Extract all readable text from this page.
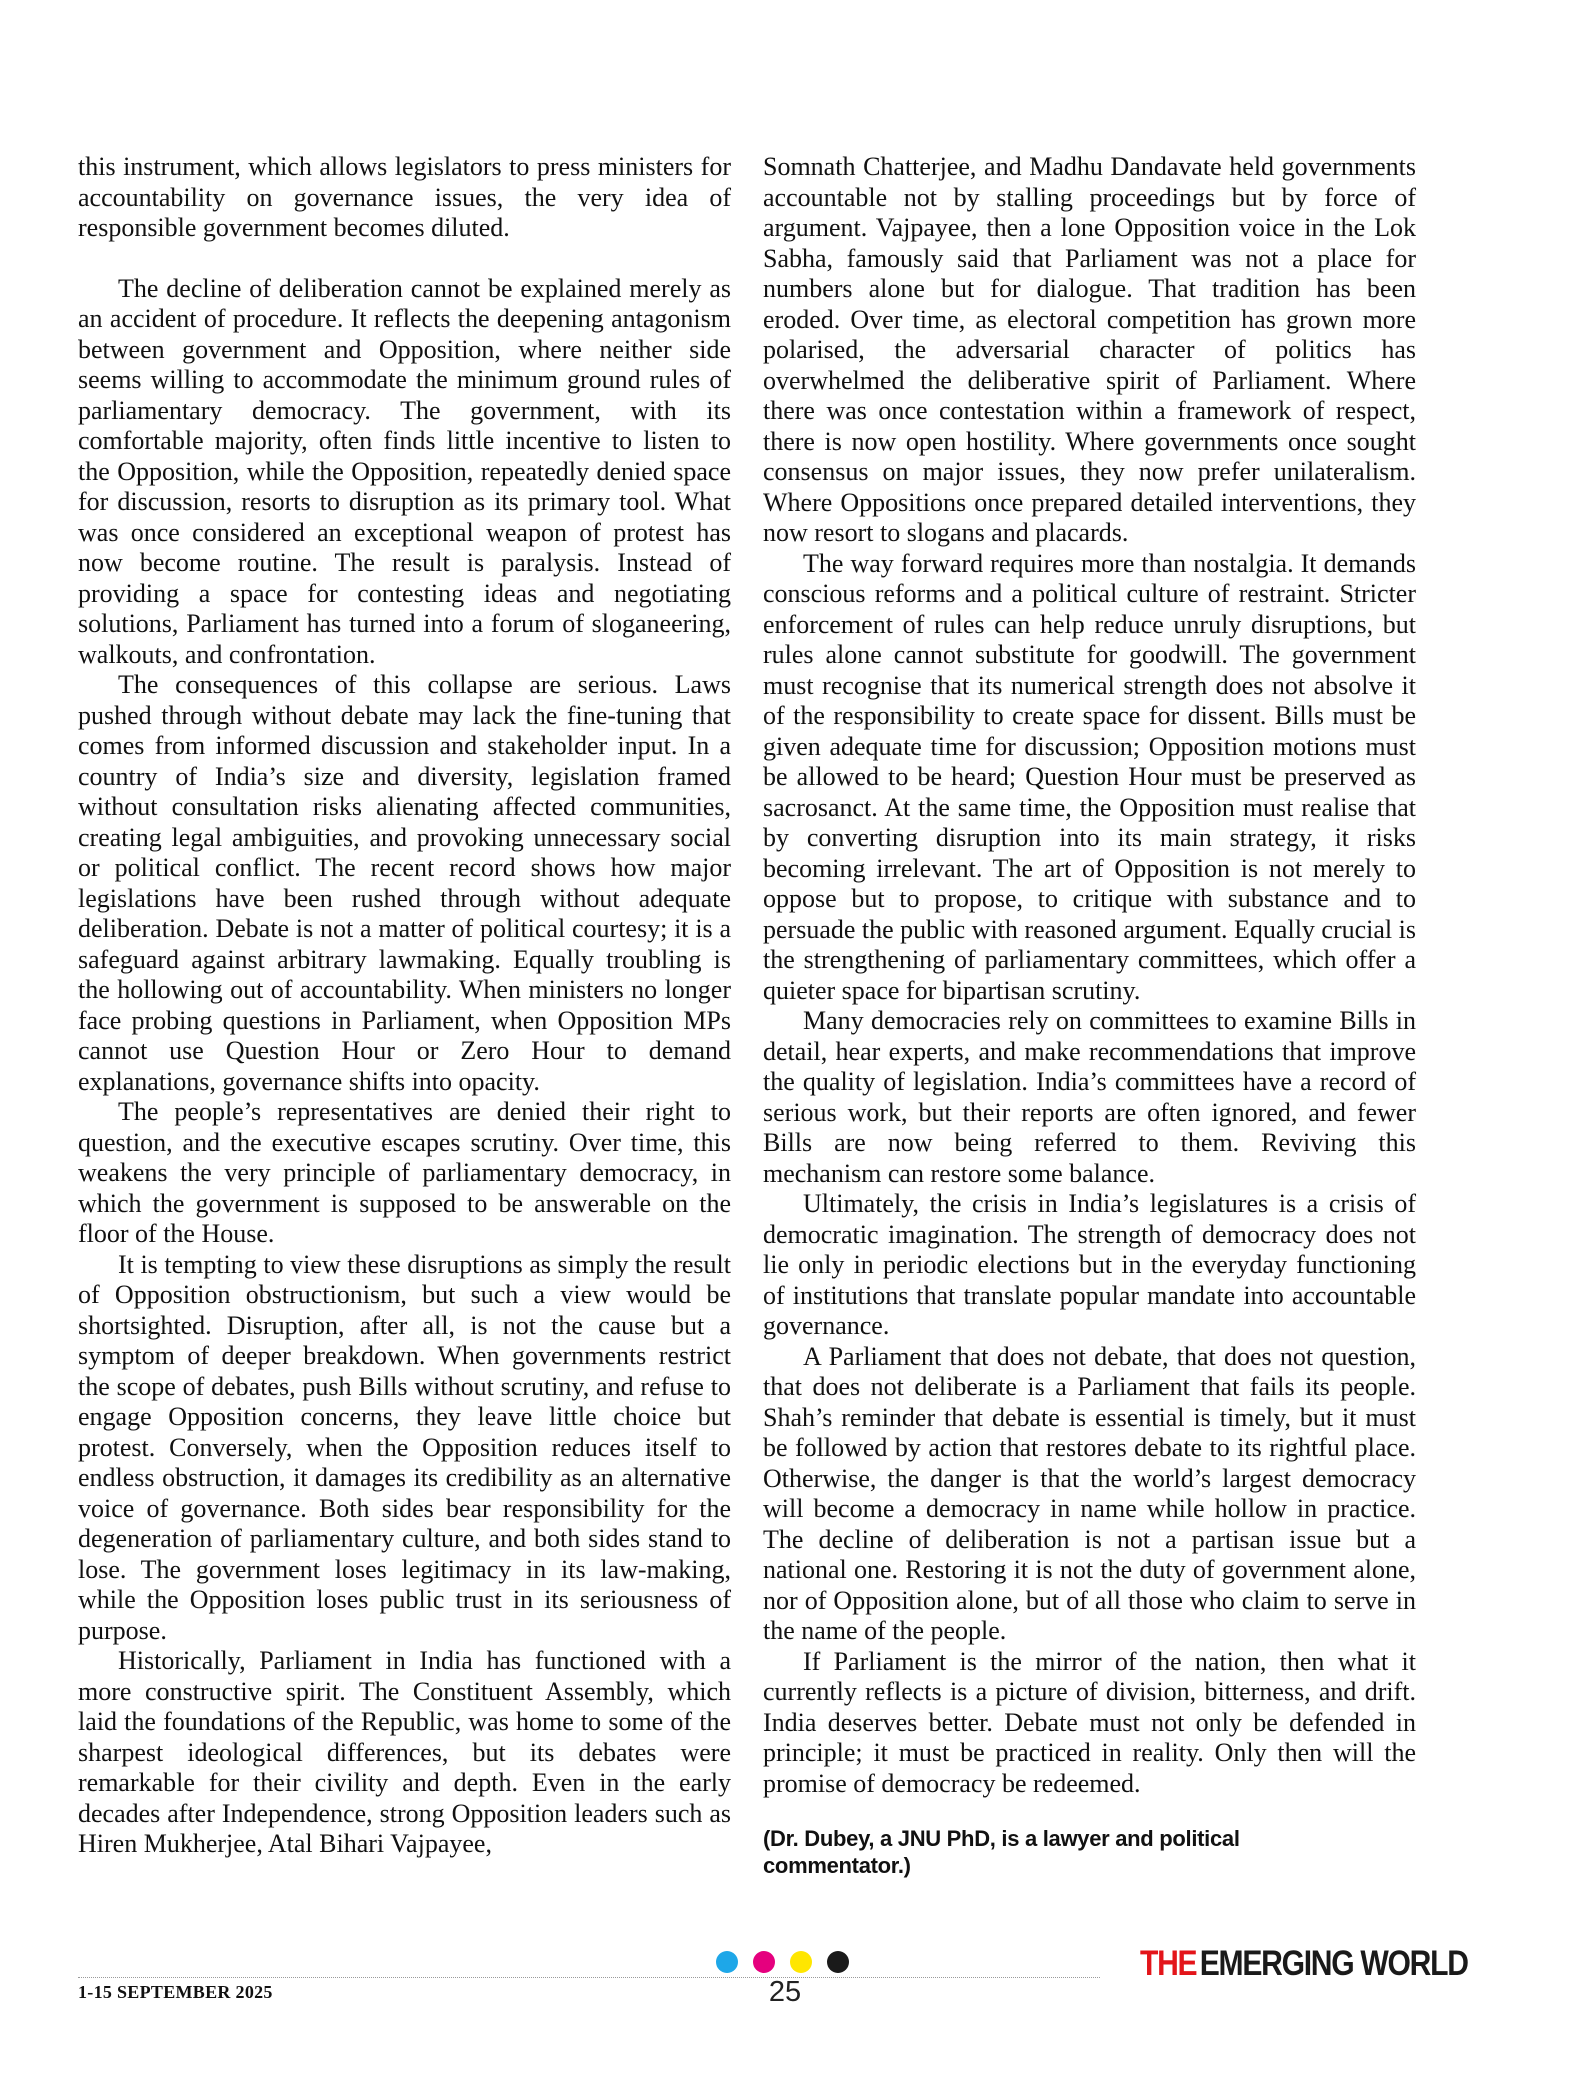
this instrument, which allows legislators to press ministers for accountability on governance issues, the very idea of responsible government becomes diluted.

The decline of deliberation cannot be explained merely as an accident of procedure. It reflects the deepening antagonism between government and Opposition, where neither side seems willing to accommodate the minimum ground rules of parliamentary democracy. The government, with its comfortable majority, often finds little incentive to listen to the Opposition, while the Opposition, repeatedly denied space for discussion, resorts to disruption as its primary tool. What was once considered an exceptional weapon of protest has now become routine. The result is paralysis. Instead of providing a space for contesting ideas and negotiating solutions, Parliament has turned into a forum of sloganeering, walkouts, and confrontation.

The consequences of this collapse are serious. Laws pushed through without debate may lack the fine-tuning that comes from informed discussion and stakeholder input. In a country of India’s size and diversity, legislation framed without consultation risks alienating affected communities, creating legal ambiguities, and provoking unnecessary social or political conflict. The recent record shows how major legislations have been rushed through without adequate deliberation. Debate is not a matter of political courtesy; it is a safeguard against arbitrary lawmaking. Equally troubling is the hollowing out of accountability. When ministers no longer face probing questions in Parliament, when Opposition MPs cannot use Question Hour or Zero Hour to demand explanations, governance shifts into opacity.

The people’s representatives are denied their right to question, and the executive escapes scrutiny. Over time, this weakens the very principle of parliamentary democracy, in which the government is supposed to be answerable on the floor of the House.

It is tempting to view these disruptions as simply the result of Opposition obstructionism, but such a view would be shortsighted. Disruption, after all, is not the cause but a symptom of deeper breakdown. When governments restrict the scope of debates, push Bills without scrutiny, and refuse to engage Opposition concerns, they leave little choice but protest. Conversely, when the Opposition reduces itself to endless obstruction, it damages its credibility as an alternative voice of governance. Both sides bear responsibility for the degeneration of parliamentary culture, and both sides stand to lose. The government loses legitimacy in its law-making, while the Opposition loses public trust in its seriousness of purpose.

Historically, Parliament in India has functioned with a more constructive spirit. The Constituent Assembly, which laid the foundations of the Republic, was home to some of the sharpest ideological differences, but its debates were remarkable for their civility and depth. Even in the early decades after Independence, strong Opposition leaders such as Hiren Mukherjee, Atal Bihari Vajpayee,

Somnath Chatterjee, and Madhu Dandavate held governments accountable not by stalling proceedings but by force of argument. Vajpayee, then a lone Opposition voice in the Lok Sabha, famously said that Parliament was not a place for numbers alone but for dialogue. That tradition has been eroded. Over time, as electoral competition has grown more polarised, the adversarial character of politics has overwhelmed the deliberative spirit of Parliament. Where there was once contestation within a framework of respect, there is now open hostility. Where governments once sought consensus on major issues, they now prefer unilateralism. Where Oppositions once prepared detailed interventions, they now resort to slogans and placards.

The way forward requires more than nostalgia. It demands conscious reforms and a political culture of restraint. Stricter enforcement of rules can help reduce unruly disruptions, but rules alone cannot substitute for goodwill. The government must recognise that its numerical strength does not absolve it of the responsibility to create space for dissent. Bills must be given adequate time for discussion; Opposition motions must be allowed to be heard; Question Hour must be preserved as sacrosanct. At the same time, the Opposition must realise that by converting disruption into its main strategy, it risks becoming irrelevant. The art of Opposition is not merely to oppose but to propose, to critique with substance and to persuade the public with reasoned argument. Equally crucial is the strengthening of parliamentary committees, which offer a quieter space for bipartisan scrutiny.

Many democracies rely on committees to examine Bills in detail, hear experts, and make recommendations that improve the quality of legislation. India’s committees have a record of serious work, but their reports are often ignored, and fewer Bills are now being referred to them. Reviving this mechanism can restore some balance.

Ultimately, the crisis in India’s legislatures is a crisis of democratic imagination. The strength of democracy does not lie only in periodic elections but in the everyday functioning of institutions that translate popular mandate into accountable governance.

A Parliament that does not debate, that does not question, that does not deliberate is a Parliament that fails its people. Shah’s reminder that debate is essential is timely, but it must be followed by action that restores debate to its rightful place. Otherwise, the danger is that the world’s largest democracy will become a democracy in name while hollow in practice. The decline of deliberation is not a partisan issue but a national one. Restoring it is not the duty of government alone, nor of Opposition alone, but of all those who claim to serve in the name of the people.

If Parliament is the mirror of the nation, then what it currently reflects is a picture of division, bitterness, and drift. India deserves better. Debate must not only be defended in principle; it must be practiced in reality. Only then will the promise of democracy be redeemed.

(Dr. Dubey, a JNU PhD, is a lawyer and political commentator.)

1-15 SEPTEMBER 2025	25
THEEMERGING WORLD
